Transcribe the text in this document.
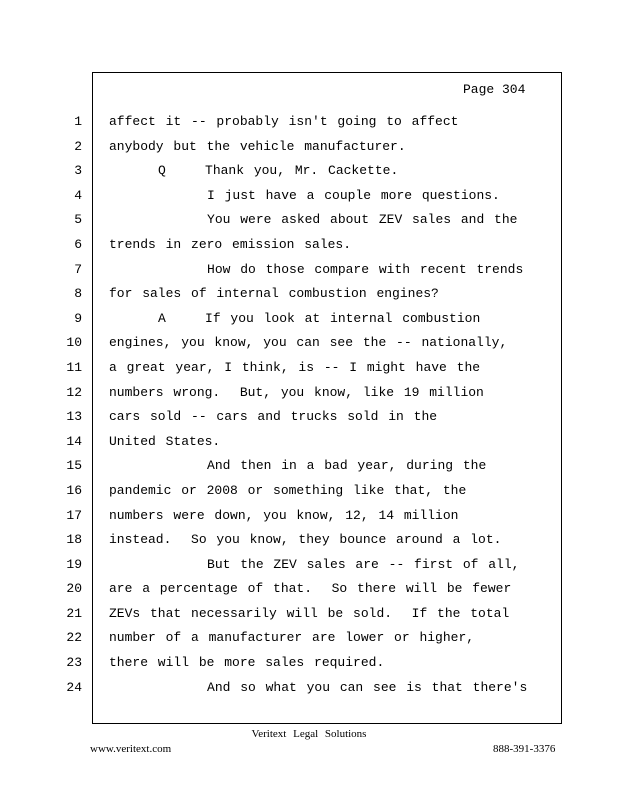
Page 304
1 affect it -- probably isn't going to affect
2 anybody but the vehicle manufacturer.
3 Q    Thank you, Mr. Cackette.
4 I just have a couple more questions.
5 You were asked about ZEV sales and the
6 trends in zero emission sales.
7 How do those compare with recent trends
8 for sales of internal combustion engines?
9 A    If you look at internal combustion
10 engines, you know, you can see the -- nationally,
11 a great year, I think, is -- I might have the
12 numbers wrong.  But, you know, like 19 million
13 cars sold -- cars and trucks sold in the
14 United States.
15 And then in a bad year, during the
16 pandemic or 2008 or something like that, the
17 numbers were down, you know, 12, 14 million
18 instead.  So you know, they bounce around a lot.
19 But the ZEV sales are -- first of all,
20 are a percentage of that.  So there will be fewer
21 ZEVs that necessarily will be sold.  If the total
22 number of a manufacturer are lower or higher,
23 there will be more sales required.
24 And so what you can see is that there's
Veritext Legal Solutions
www.veritext.com	888-391-3376
